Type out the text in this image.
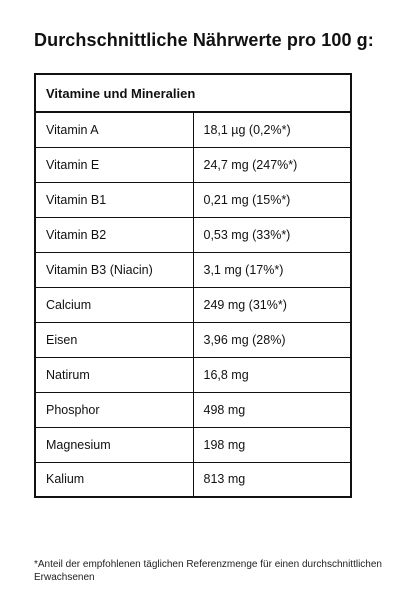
Durchschnittliche Nährwerte pro 100 g:
Vitamine und Mineralien	
Vitamin A	18,1 µg (0,2%*)
Vitamin E	24,7 mg (247%*)
Vitamin B1	0,21 mg (15%*)
Vitamin B2	0,53 mg (33%*)
Vitamin B3 (Niacin)	3,1 mg (17%*)
Calcium	249 mg (31%*)
Eisen	3,96 mg (28%)
Natirum	16,8 mg
Phosphor	498 mg
Magnesium	198 mg
Kalium	813 mg

*Anteil der empfohlenen täglichen Referenzmenge für einen durchschnittlichen Erwachsenen
